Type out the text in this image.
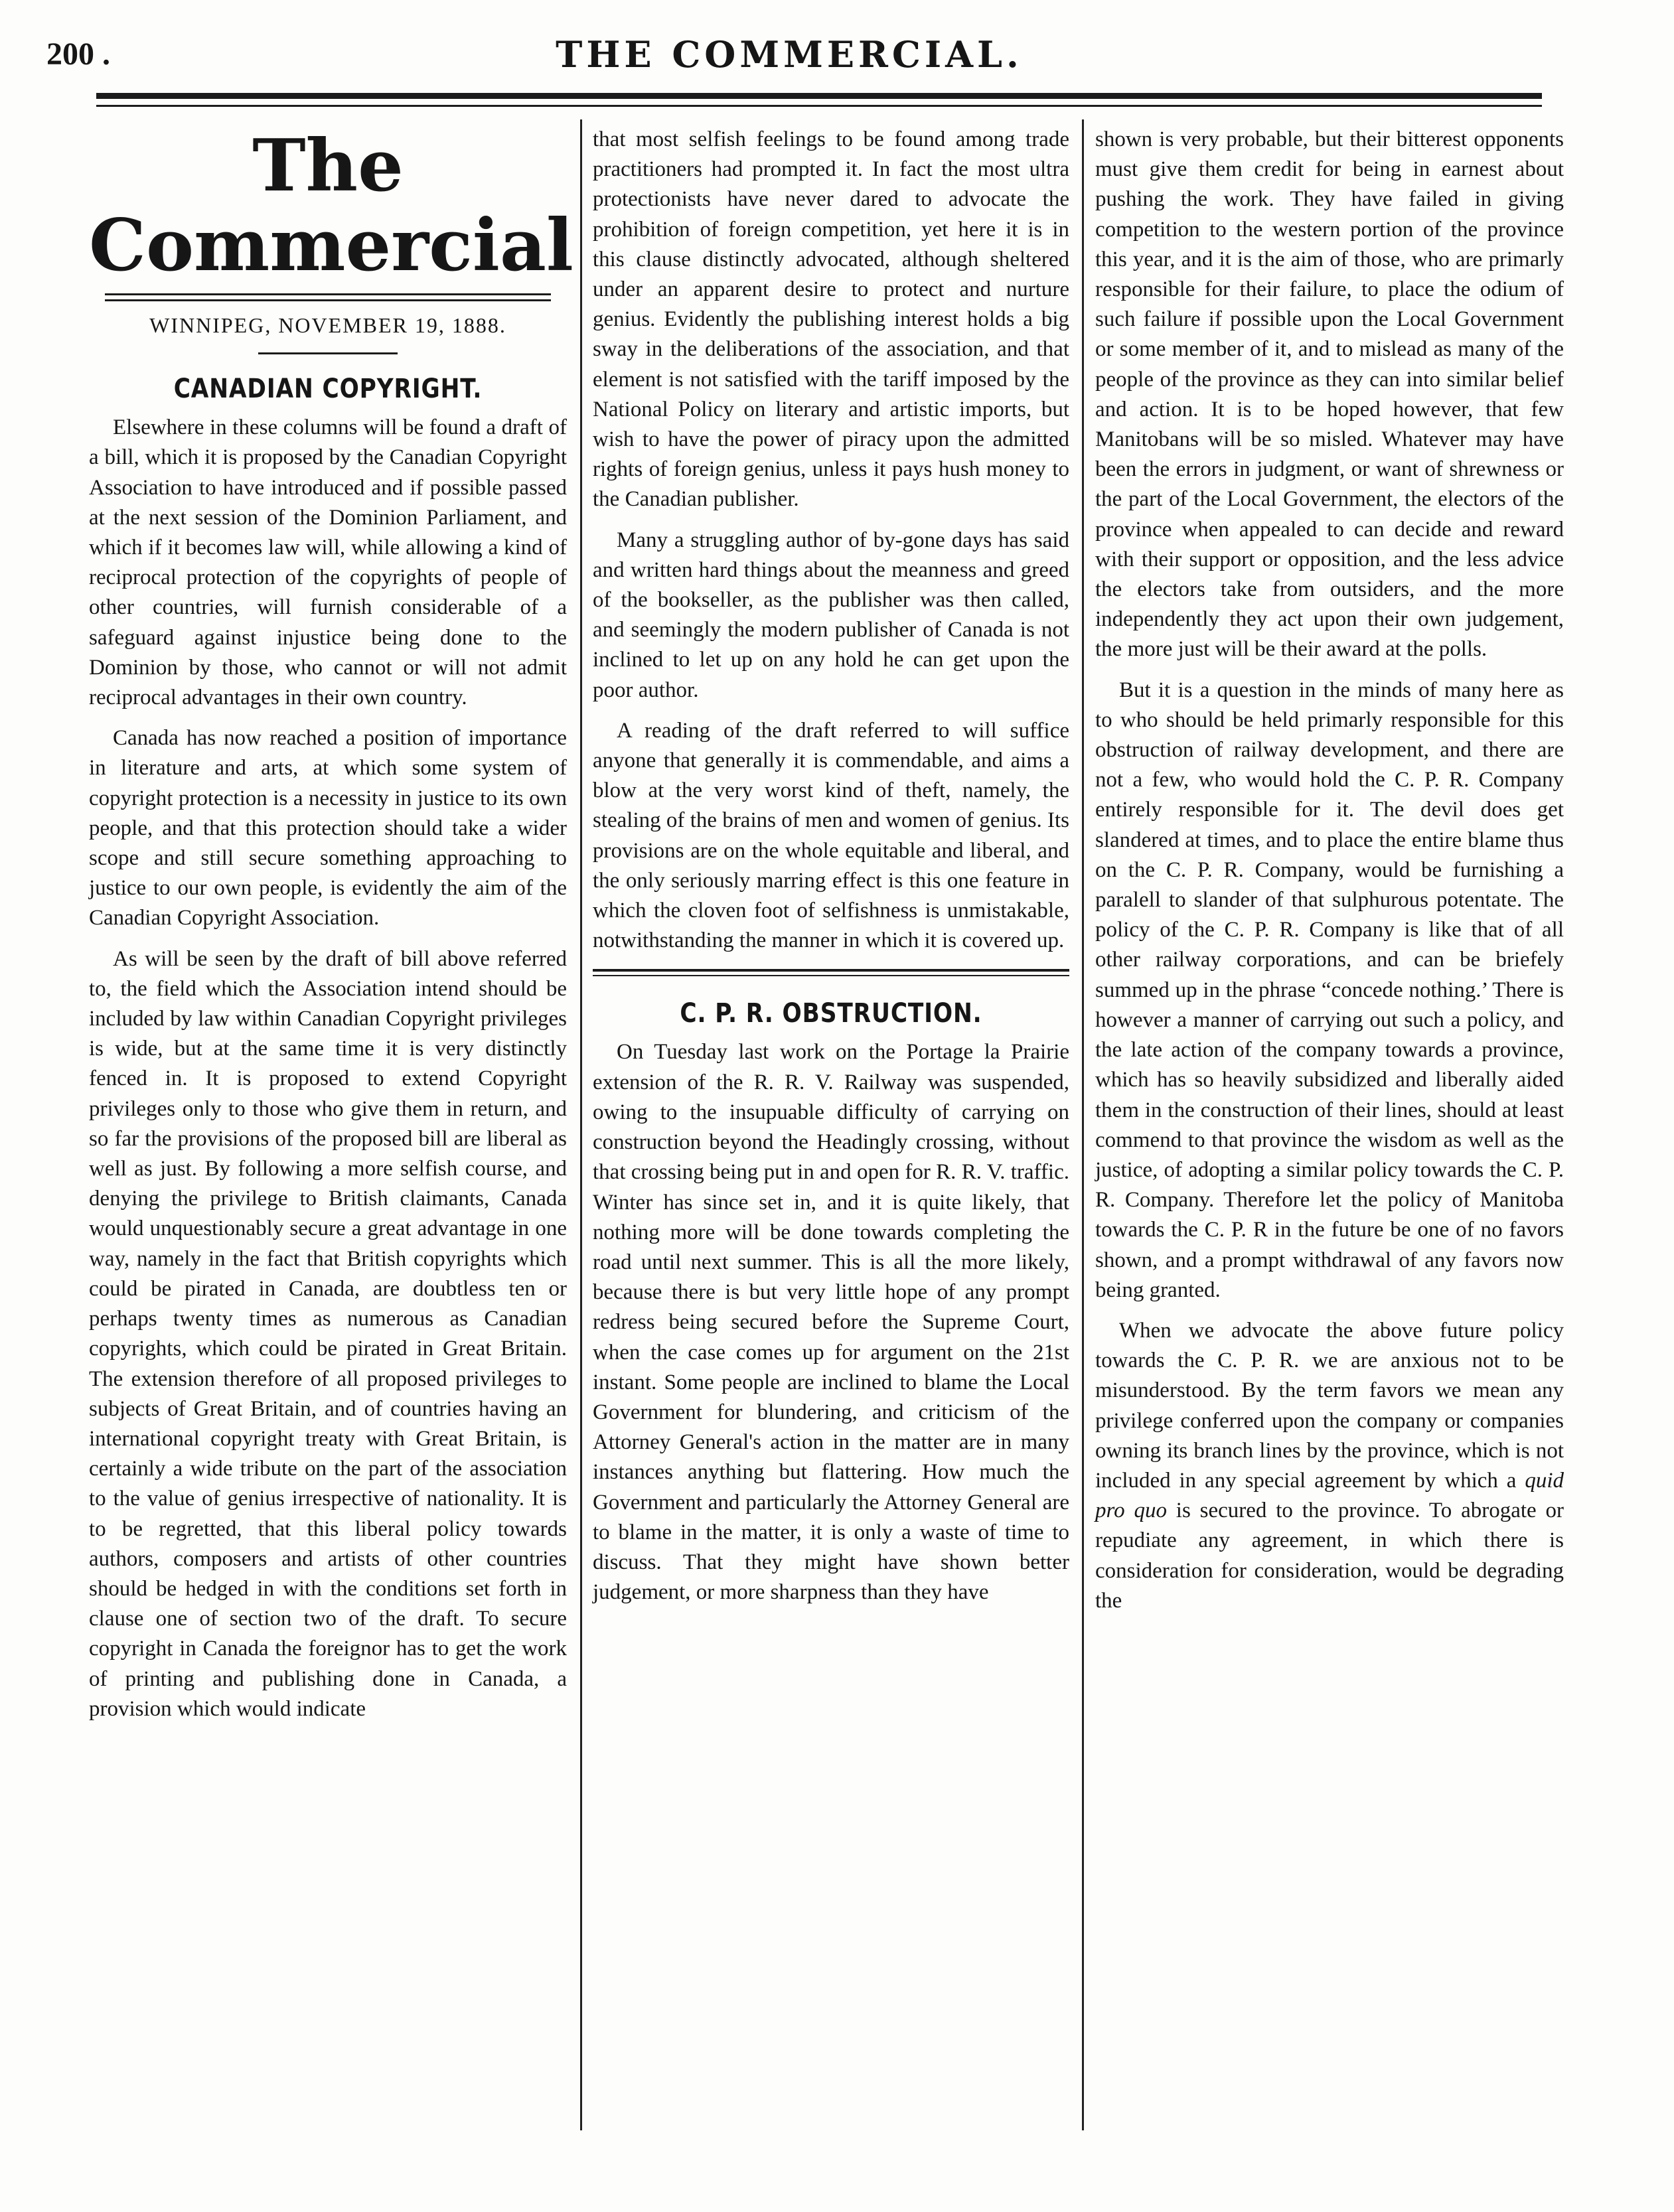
200 .	THE COMMERCIAL.
The Commercial
WINNIPEG, NOVEMBER 19, 1888.
CANADIAN COPYRIGHT.

Elsewhere in these columns will be found a draft of a bill, which it is proposed by the Canadian Copyright Association to have introduced and if possible passed at the next session of the Dominion Parliament, and which if it becomes law will, while allowing a kind of reciprocal protection of the copyrights of people of other countries, will furnish considerable of a safeguard against injustice being done to the Dominion by those, who cannot or will not admit reciprocal advantages in their own country.

Canada has now reached a position of importance in literature and arts, at which some system of copyright protection is a necessity in justice to its own people, and that this protection should take a wider scope and still secure something approaching to justice to our own people, is evidently the aim of the Canadian Copyright Association.

As will be seen by the draft of bill above referred to, the field which the Association intend should be included by law within Canadian Copyright privileges is wide, but at the same time it is very distinctly fenced in. It is proposed to extend Copyright privileges only to those who give them in return, and so far the provisions of the proposed bill are liberal as well as just. By following a more selfish course, and denying the privilege to British claimants, Canada would unquestionably secure a great advantage in one way, namely in the fact that British copyrights which could be pirated in Canada, are doubtless ten or perhaps twenty times as numerous as Canadian copyrights, which could be pirated in Great Britain. The extension therefore of all proposed privileges to subjects of Great Britain, and of countries having an international copyright treaty with Great Britain, is certainly a wide tribute on the part of the association to the value of genius irrespective of nationality. It is to be regretted, that this liberal policy towards authors, composers and artists of other countries should be hedged in with the conditions set forth in clause one of section two of the draft. To secure copyright in Canada the foreignor has to get the work of printing and publishing done in Canada, a provision which would indicate

that most selfish feelings to be found among trade practitioners had prompted it. In fact the most ultra protectionists have never dared to advocate the prohibition of foreign competition, yet here it is in this clause distinctly advocated, although sheltered under an apparent desire to protect and nurture genius. Evidently the publishing interest holds a big sway in the deliberations of the association, and that element is not satisfied with the tariff imposed by the National Policy on literary and artistic imports, but wish to have the power of piracy upon the admitted rights of foreign genius, unless it pays hush money to the Canadian publisher.

Many a struggling author of by-gone days has said and written hard things about the meanness and greed of the bookseller, as the publisher was then called, and seemingly the modern publisher of Canada is not inclined to let up on any hold he can get upon the poor author.

A reading of the draft referred to will suffice anyone that generally it is commendable, and aims a blow at the very worst kind of theft, namely, the stealing of the brains of men and women of genius. Its provisions are on the whole equitable and liberal, and the only seriously marring effect is this one feature in which the cloven foot of selfishness is unmistakable, notwithstanding the manner in which it is covered up.

C. P. R. OBSTRUCTION.

On Tuesday last work on the Portage la Prairie extension of the R. R. V. Railway was suspended, owing to the insupuable difficulty of carrying on construction beyond the Headingly crossing, without that crossing being put in and open for R. R. V. traffic. Winter has since set in, and it is quite likely, that nothing more will be done towards completing the road until next summer. This is all the more likely, because there is but very little hope of any prompt redress being secured before the Supreme Court, when the case comes up for argument on the 21st instant. Some people are inclined to blame the Local Government for blundering, and criticism of the Attorney General's action in the matter are in many instances anything but flattering. How much the Government and particularly the Attorney General are to blame in the matter, it is only a waste of time to discuss. That they might have shown better judgement, or more sharpness than they have

shown is very probable, but their bitterest opponents must give them credit for being in earnest about pushing the work. They have failed in giving competition to the western portion of the province this year, and it is the aim of those, who are primarly responsible for their failure, to place the odium of such failure if possible upon the Local Government or some member of it, and to mislead as many of the people of the province as they can into similar belief and action. It is to be hoped however, that few Manitobans will be so misled. Whatever may have been the errors in judgment, or want of shrewness or the part of the Local Government, the electors of the province when appealed to can decide and reward with their support or opposition, and the less advice the electors take from outsiders, and the more independently they act upon their own judgement, the more just will be their award at the polls.

But it is a question in the minds of many here as to who should be held primarly responsible for this obstruction of railway development, and there are not a few, who would hold the C. P. R. Company entirely responsible for it. The devil does get slandered at times, and to place the entire blame thus on the C. P. R. Company, would be furnishing a paralell to slander of that sulphurous potentate. The policy of the C. P. R. Company is like that of all other railway corporations, and can be briefely summed up in the phrase “concede nothing.’ There is however a manner of carrying out such a policy, and the late action of the company towards a province, which has so heavily subsidized and liberally aided them in the construction of their lines, should at least commend to that province the wisdom as well as the justice, of adopting a similar policy towards the C. P. R. Company. Therefore let the policy of Manitoba towards the C. P. R in the future be one of no favors shown, and a prompt withdrawal of any favors now being granted.

When we advocate the above future policy towards the C. P. R. we are anxious not to be misunderstood. By the term favors we mean any privilege conferred upon the company or companies owning its branch lines by the province, which is not included in any special agreement by which a quid pro quo is secured to the province. To abrogate or repudiate any agreement, in which there is consideration for consideration, would be degrading the
